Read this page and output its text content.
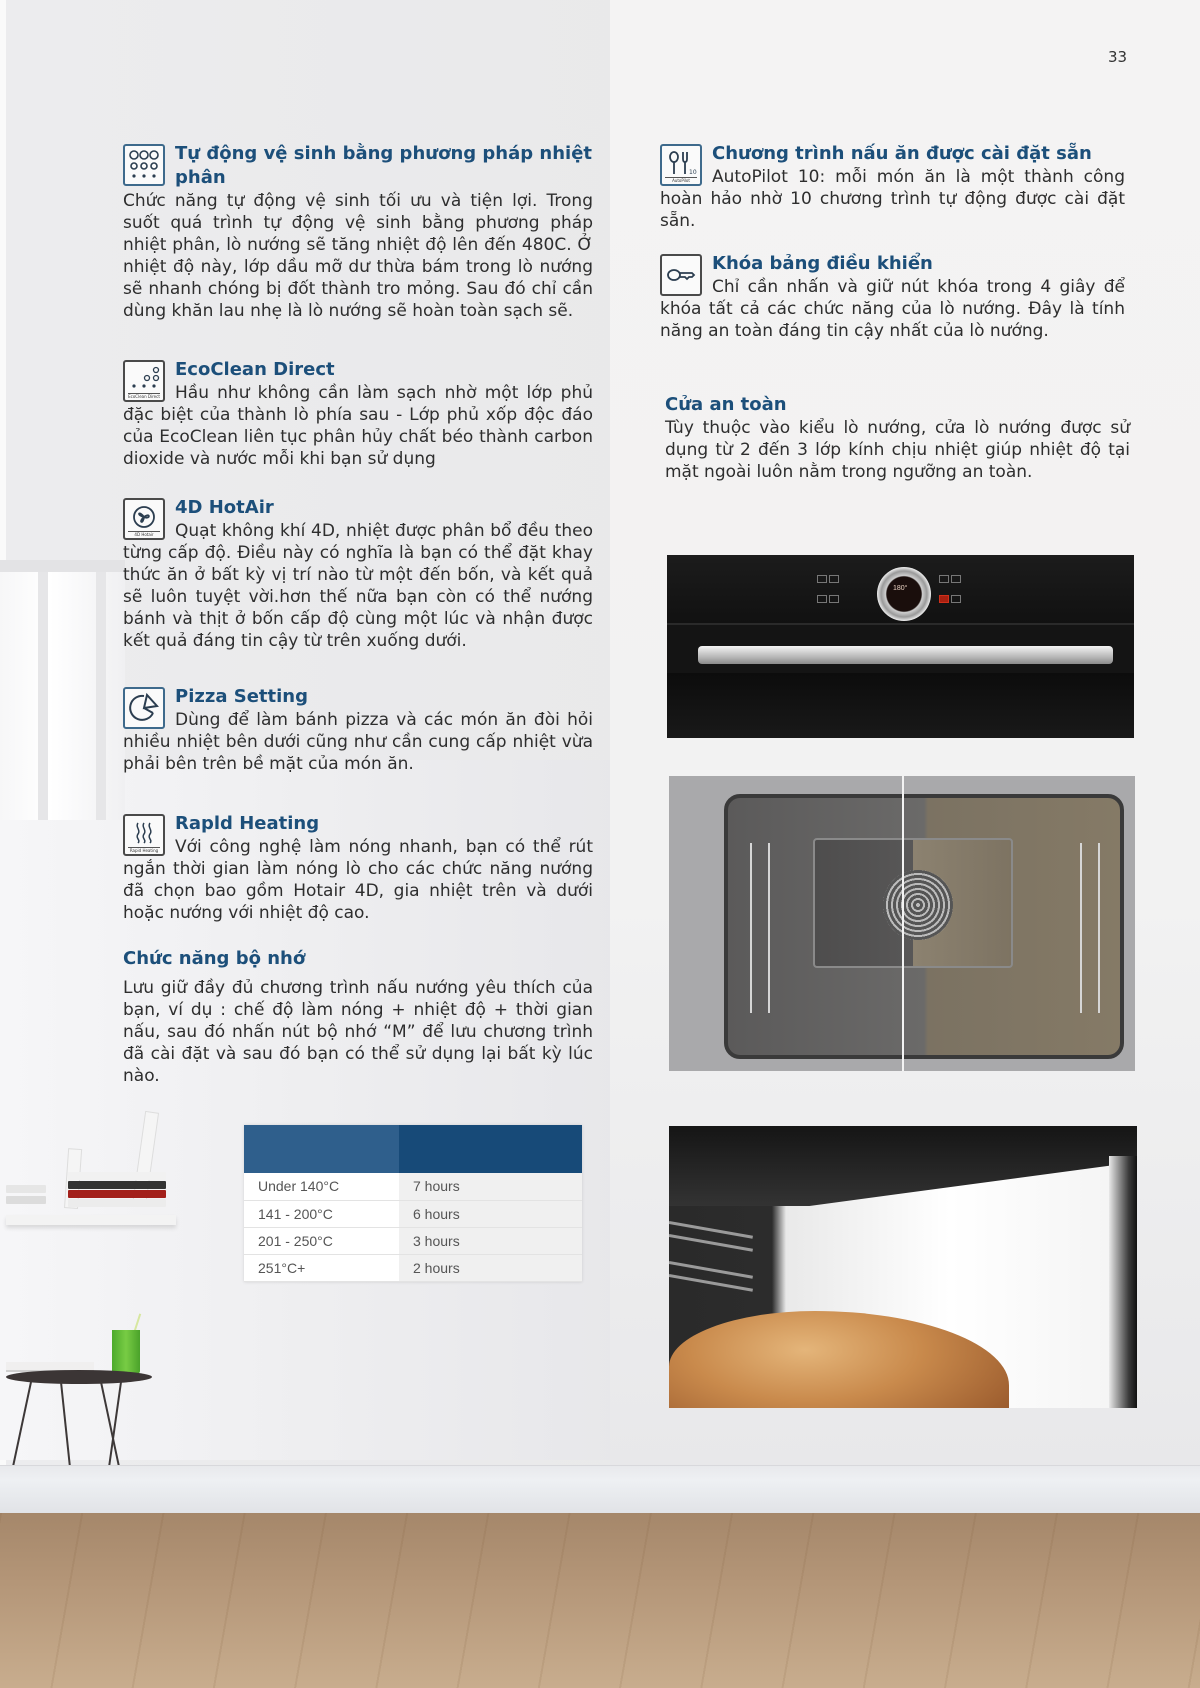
33
Tự động vệ sinh bằng phương pháp nhiệt phân
Chức năng tự động vệ sinh tối ưu và tiện lợi. Trong suốt quá trình tự động vệ sinh bằng phương pháp nhiệt phân, lò nướng sẽ tăng nhiệt độ lên đến 480C. Ở nhiệt độ này, lớp dầu mỡ dư thừa bám trong lò nướng sẽ nhanh chóng bị đốt thành tro mỏng. Sau đó chỉ cần dùng khăn lau nhẹ là lò nướng sẽ hoàn toàn sạch sẽ.
EcoClean Direct
EcoClean Direct
Hầu như không cần làm sạch nhờ một lớp phủ đặc biệt của thành lò phía sau - Lớp phủ xốp độc đáo của EcoClean liên tục phân hủy chất béo thành carbon dioxide và nước mỗi khi bạn sử dụng
4D Hotair
4D HotAir
Quạt không khí 4D, nhiệt được phân bổ đều theo từng cấp độ. Điều này có nghĩa là bạn có thể đặt khay thức ăn ở bất kỳ vị trí nào từ một đến bốn, và kết quả sẽ luôn tuyệt vời.hơn thế nữa bạn còn có thể nướng bánh và thịt ở bốn cấp độ cùng một lúc và nhận được kết quả đáng tin cậy từ trên xuống dưới.
Pizza Setting
Dùng để làm bánh pizza và các món ăn đòi hỏi nhiều nhiệt bên dưới cũng như cần cung cấp nhiệt vừa phải bên trên bề mặt của món ăn.
Rapid Heating
Rapld Heating
Với công nghệ làm nóng nhanh, bạn có thể rút ngắn thời gian làm nóng lò cho các chức năng nướng đã chọn bao gồm Hotair 4D, gia nhiệt trên và dưới hoặc nướng với nhiệt độ cao.
Chức năng bộ nhớ
Lưu giữ đầy đủ chương trình nấu nướng yêu thích của bạn, ví dụ : chế độ làm nóng + nhiệt độ + thời gian nấu, sau đó nhấn nút bộ nhớ “M” để lưu chương trình đã cài đặt và sau đó bạn có thể sử dụng lại bất kỳ lúc nào.

Under 140°C	7 hours
141 - 200°C	6 hours
201 - 250°C	3 hours
251°C+	2 hours
10
AutoPilot
Chương trình nấu ăn được cài đặt sẵn
AutoPilot 10: mỗi món ăn là một thành công hoàn hảo nhờ 10 chương trình tự động được cài đặt sẵn.
Khóa bảng điều khiển
Chỉ cần nhấn và giữ nút khóa trong 4 giây để khóa tất cả các chức năng của lò nướng. Đây là tính năng an toàn đáng tin cậy nhất của lò nướng.
Cửa an toàn
Tùy thuộc vào kiểu lò nướng, cửa lò nướng được sử dụng từ 2 đến 3 lớp kính chịu nhiệt giúp nhiệt độ tại mặt ngoài luôn nằm trong ngưỡng an toàn.
180°
